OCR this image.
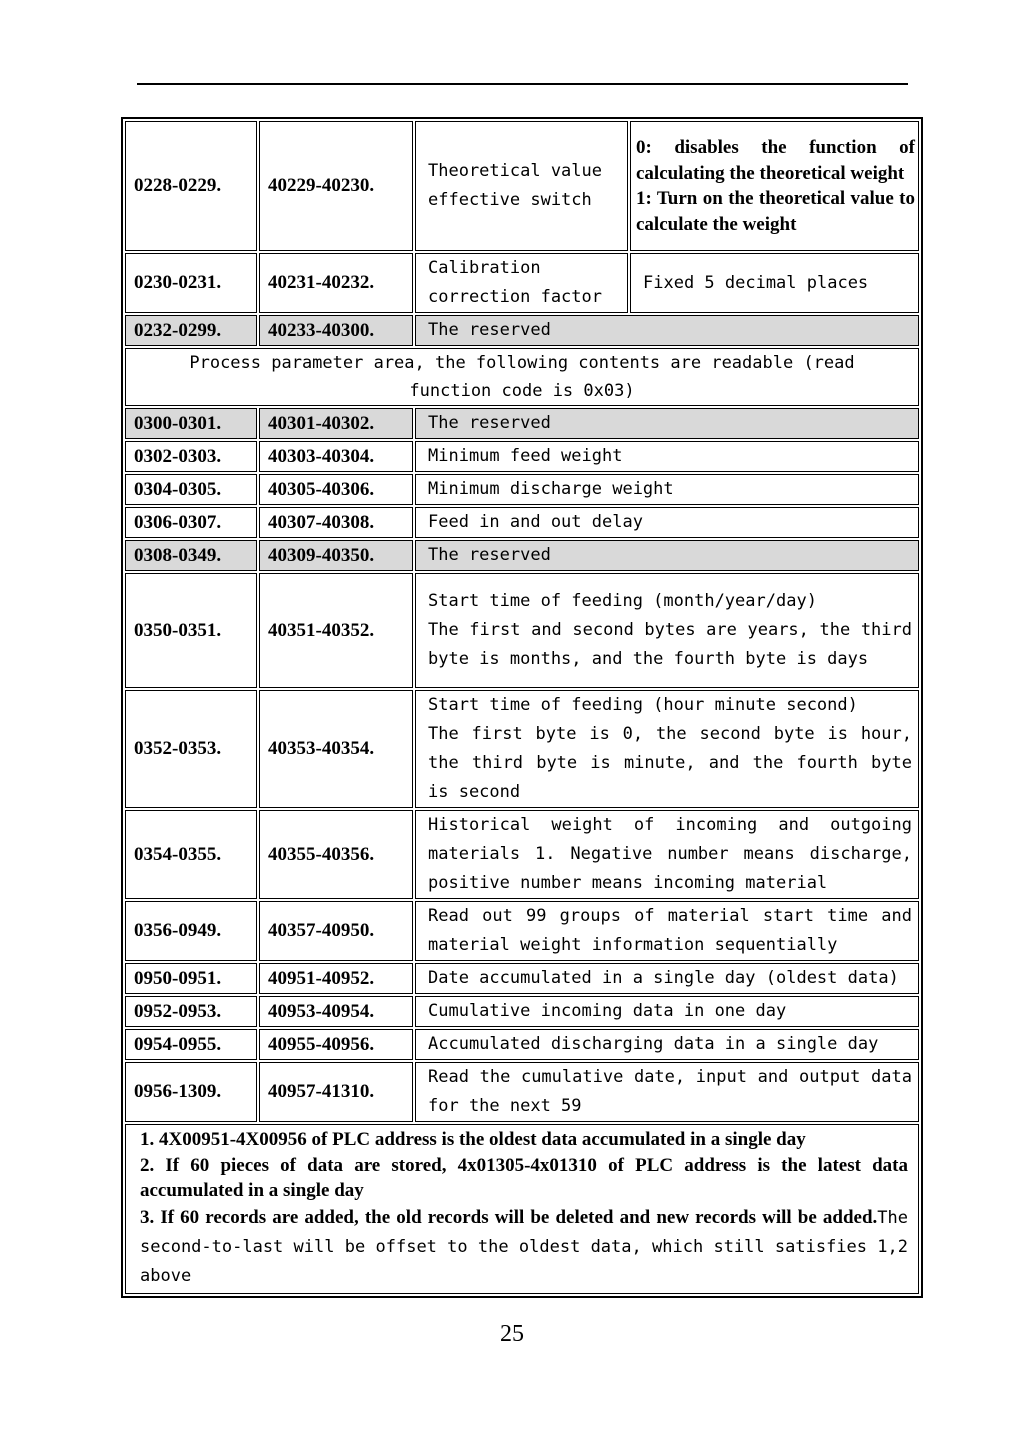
0228-0229.	40229-40230.	Theoretical value effective switch	0: disables the function of calculating the theoretical weight
1: Turn on the theoretical value to calculate the weight
0230-0231.	40231-40232.	Calibration correction factor	Fixed 5 decimal places
0232-0299.	40233-40300.	The reserved	
Process parameter area, the following contents are readable (read function code is 0x03)			
0300-0301.	40301-40302.	The reserved	
0302-0303.	40303-40304.	Minimum feed weight	
0304-0305.	40305-40306.	Minimum discharge weight	
0306-0307.	40307-40308.	Feed in and out delay	
0308-0349.	40309-40350.	The reserved	
0350-0351.	40351-40352.	Start time of feeding (month/year/day)
The first and second bytes are years, the third byte is months, and the fourth byte is days	
0352-0353.	40353-40354.	Start time of feeding (hour minute second)
The first byte is 0, the second byte is hour, the third byte is minute, and the fourth byte is second	
0354-0355.	40355-40356.	Historical weight of incoming and outgoing materials 1. Negative number means discharge, positive number means incoming material	
0356-0949.	40357-40950.	Read out 99 groups of material start time and material weight information sequentially	
0950-0951.	40951-40952.	Date accumulated in a single day (oldest data)	
0952-0953.	40953-40954.	Cumulative incoming data in one day	
0954-0955.	40955-40956.	Accumulated discharging data in a single day	
0956-1309.	40957-41310.	Read the cumulative date, input and output data for the next 59	

1. 4X00951-4X00956 of PLC address is the oldest data accumulated in a single day
2. If 60 pieces of data are stored, 4x01305-4x01310 of PLC address is the latest data accumulated in a single day
3. If 60 records are added, the old records will be deleted and new records will be added.The second-to-last will be offset to the oldest data, which still satisfies 1,2 above			
25
